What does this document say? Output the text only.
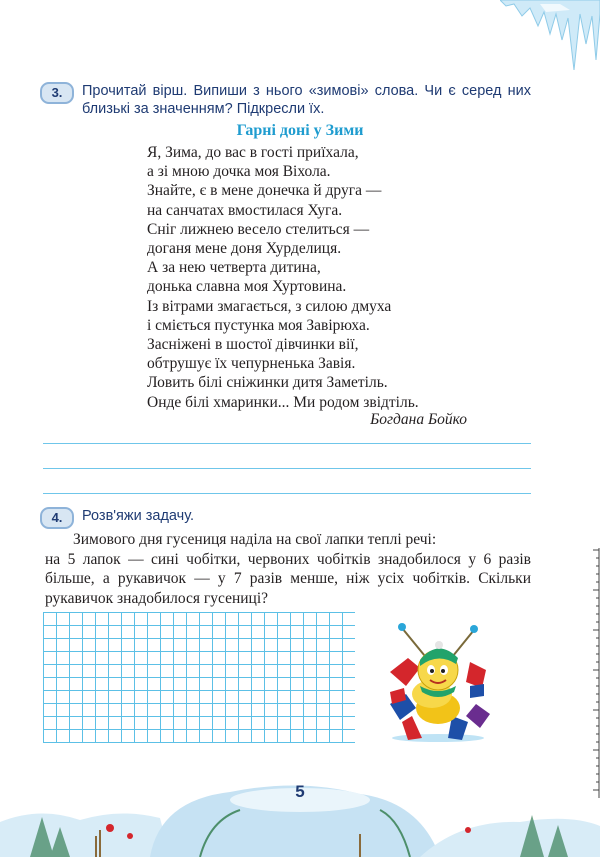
3.	Прочитай вірш. Випиши з нього «зимові» слова. Чи є серед них близькі за значенням? Підкресли їх.
Гарні доні у Зими
Я, Зима, до вас в гості приїхала,
а зі мною дочка моя Віхола.
Знайте, є в мене донечка й друга —
на санчатах вмостилася Хуга.
Сніг лижнею весело стелиться —
доганя мене доня Хурделиця.
А за нею четверта дитина,
донька славна моя Хуртовина.
Із вітрами змагається, з силою дмуха
і сміється пустунка моя Завірюха.
Засніжені в шостої дівчинки вії,
обтрушує їх чепурненька Завія.
Ловить білі сніжинки дитя Заметіль.
Онде білі хмаринки... Ми родом звідтіль.
Богдана Бойко
4.	Розв'яжи задачу.
Зимового дня гусениця наділа на свої лапки теплі речі:
на 5 лапок — сині чобітки, червоних чобітків знадобилося у 6 разів більше, а рукавичок — у 7 разів менше, ніж усіх чобітків. Скільки рукавичок знадобилося гусениці?
5
